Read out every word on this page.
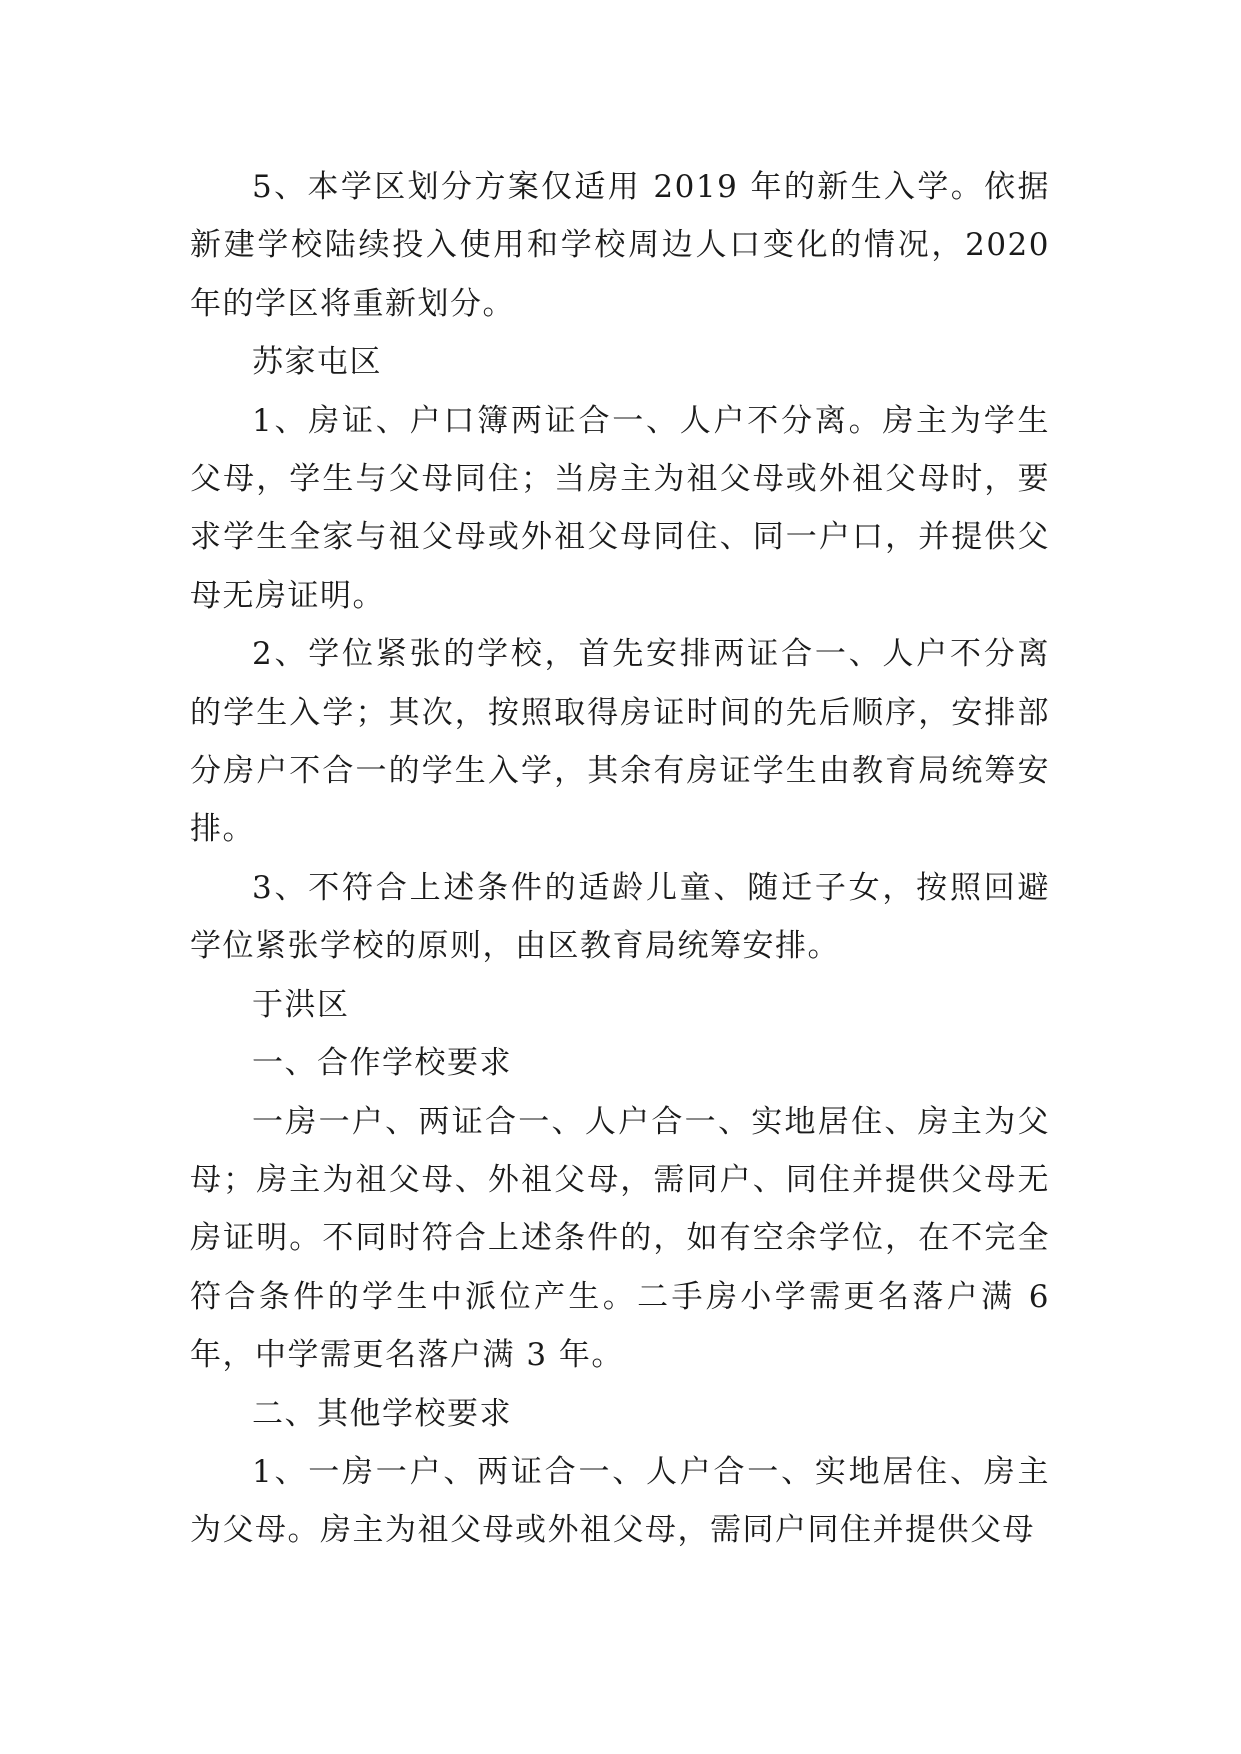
5、本学区划分方案仅适用 2019 年的新生入学。依据新建学校陆续投入使用和学校周边人口变化的情况，2020 年的学区将重新划分。

苏家屯区

1、房证、户口簿两证合一、人户不分离。房主为学生父母，学生与父母同住；当房主为祖父母或外祖父母时，要求学生全家与祖父母或外祖父母同住、同一户口，并提供父母无房证明。

2、学位紧张的学校，首先安排两证合一、人户不分离的学生入学；其次，按照取得房证时间的先后顺序，安排部分房户不合一的学生入学，其余有房证学生由教育局统筹安排。

3、不符合上述条件的适龄儿童、随迁子女，按照回避学位紧张学校的原则，由区教育局统筹安排。

于洪区

一、合作学校要求

一房一户、两证合一、人户合一、实地居住、房主为父母；房主为祖父母、外祖父母，需同户、同住并提供父母无房证明。不同时符合上述条件的，如有空余学位，在不完全符合条件的学生中派位产生。二手房小学需更名落户满 6 年，中学需更名落户满 3 年。

二、其他学校要求

1、一房一户、两证合一、人户合一、实地居住、房主为父母。房主为祖父母或外祖父母，需同户同住并提供父母
